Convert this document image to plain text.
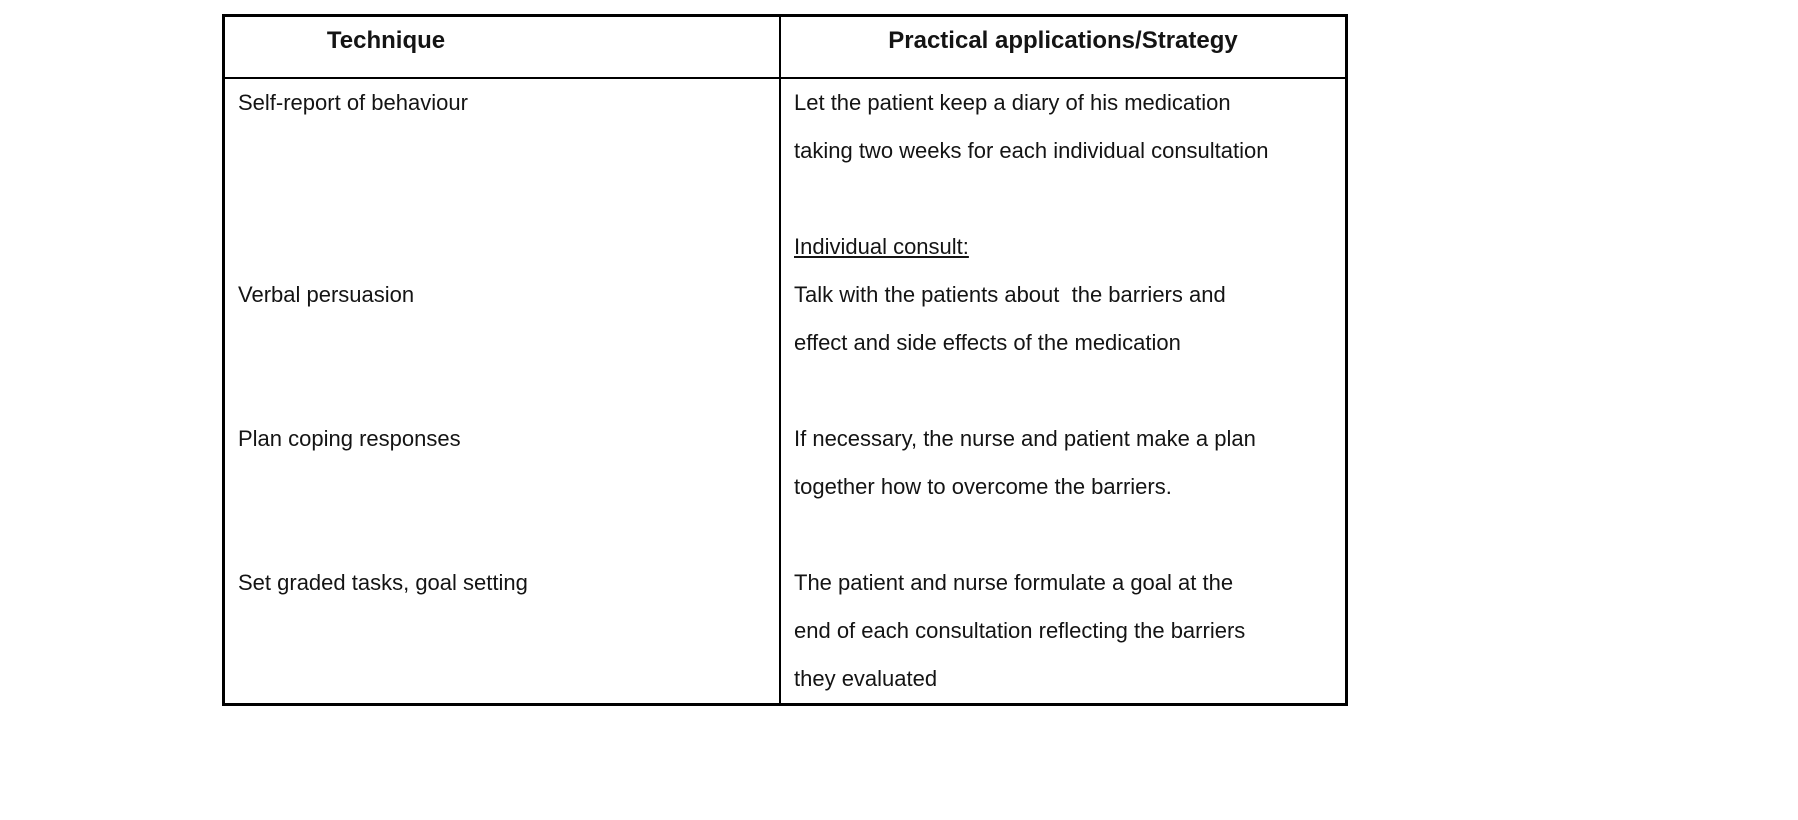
Technique	Practical applications/Strategy
Self-report of behaviour	Let the patient keep a diary of his medication
taking two weeks for each individual consultation
Individual consult:
Verbal persuasion	Talk with the patients about  the barriers and
effect and side effects of the medication
Plan coping responses	If necessary, the nurse and patient make a plan
together how to overcome the barriers.
Set graded tasks, goal setting	The patient and nurse formulate a goal at the
end of each consultation reflecting the barriers
they evaluated
